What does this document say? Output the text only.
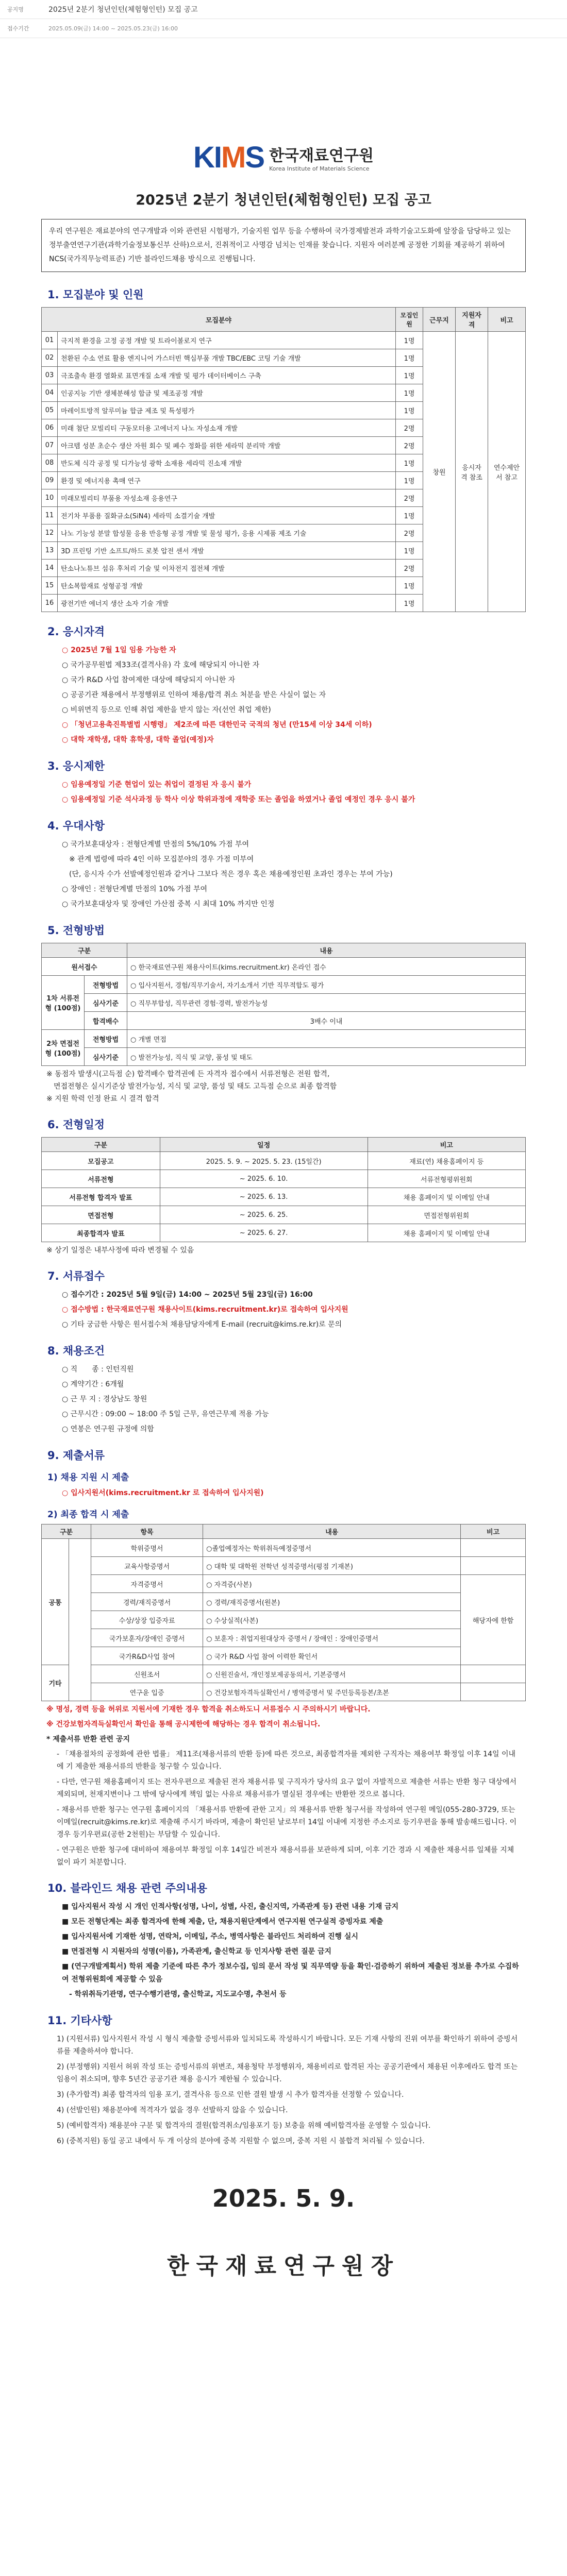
공지명	2025년 2분기 청년인턴(체험형인턴) 모집 공고
접수기간	2025.05.09(금) 14:00 ~ 2025.05.23(금) 16:00
KIMS 한국재료연구원
Korea Institute of Materials Science
2025년 2분기 청년인턴(체험형인턴) 모집 공고
우리 연구원은 재료분야의 연구개발과 이와 관련된 시험평가, 기술지원 업무 등을 수행하여 국가경제발전과 과학기술고도화에 앞장을 담당하고 있는 정부출연연구기관(과학기술정보통신부 산하)으로서, 진취적이고 사명감 넘치는 인재를 찾습니다. 지원자 여러분께 공정한 기회를 제공하기 위하여 NCS(국가직무능력표준) 기반 블라인드채용 방식으로 진행됩니다.
1. 모집분야 및 인원
모집분야		모집인원	근무지	지원자격	비고
01	극지적 환경을 고정 공정 개발 및 트라이볼로지 연구	1명	창원	응시자격 참조	연수제안서 참고
02	천환된 수소 연료 활용 엔지니어 가스터빈 핵심부품 개발 TBC/EBC 코팅 기술 개발	1명			
03	극조출속 환경 열화로 표면개질 소재 개발 및 평가 데이터베이스 구축	1명			
04	인공지능 기반 생체분해성 합금 및 제조공정 개발	1명			
05	마레이트방적 알루미늄 합금 제조 및 특성평가	1명			
06	미래 첨단 모빌리티 구동모터용 고에너지 나노 자성소재 개발	2명			
07	아크템 성분 초순수 생산 자원 회수 및 폐수 정화를 위한 세라믹 분리막 개발	2명			
08	반도체 식각 공정 및 디가능성 광학 소재용 세라믹 진소재 개발	1명			
09	환경 및 에너지용 촉매 연구	1명			
10	미래모빌리티 부품용 자성소재 응용연구	2명			
11	전기차 부품용 질화규소(SiN4) 세라믹 소결기술 개발	1명			
12	나노 기능성 분말 합성물 응용 반응형 공정 개발 및 물성 평가, 응용 시제품 제조 기술	2명			
13	3D 프린팅 기반 소프트/하드 로봇 압전 센서 개발	1명			
14	탄소나노튜브 섬유 후처리 기술 및 이차전지 접전체 개발	2명			
15	탄소복합재료 성형공정 개발	1명			
16	광전기반 에너지 생산 소자 기술 개발	1명			
2. 응시자격
○ 2025년 7월 1일 임용 가능한 자
○ 국가공무원법 제33조(결격사유) 각 호에 해당되지 아니한 자
○ 국가 R&D 사업 참여제한 대상에 해당되지 아니한 자
○ 공공기관 채용에서 부정행위로 인하여 채용/합격 취소 처분을 받은 사실이 없는 자
○ 비위면직 등으로 인해 취업 제한을 받지 않는 자(선언 취업 제한)
○ 「청년고용촉진특별법 시행령」 제2조에 따른 대한민국 국적의 청년 (만15세 이상 34세 이하)
○ 대학 재학생, 대학 휴학생, 대학 졸업(예정)자
3. 응시제한
○ 임용예정일 기준 현업이 있는 취업이 결정된 자 응시 불가
○ 임용예정일 기준 석사과정 등 학사 이상 학위과정에 재학중 또는 졸업을 하였거나 졸업 예정인 경우 응시 불가
4. 우대사항
○ 국가보훈대상자 : 전형단계별 만점의 5%/10% 가점 부여
　※ 관계 법령에 따라 4인 이하 모집분야의 경우 가점 미부여
　(단, 응시자 수가 선발예정인원과 같거나 그보다 적은 경우 혹은 채용예정인원 초과인 경우는 부여 가능)
○ 장애인 : 전형단계별 만점의 10% 가점 부여
○ 국가보훈대상자 및 장애인 가산점 중복 시 최대 10% 까지만 인정
5. 전형방법
구분		내용
원서접수		○ 한국재료연구원 채용사이트(kims.recruitment.kr) 온라인 접수
1차 서류전형 (100점)	전형방법	○ 입사지원서, 경험/직무기술서, 자기소개서 기반 직무적합도 평가
	심사기준	○ 직무부합성, 직무관련 경험·경력, 발전가능성
	합격배수	3배수 이내
2차 면접전형 (100점)	전형방법	○ 개별 면접
	심사기준	○ 발전가능성, 직식 및 교양, 품성 및 태도
※ 동점자 발생시(고득점 순) 합격배수 합격권에 든 자격자 접수에서 서류전형은 전원 합격,
　면접전형은 실시기준상 발전가능성, 지식 및 교양, 품성 및 태도 고득점 순으로 최종 합격함
※ 지원 학력 인정 완료 시 결격 합격
6. 전형일정
구분	일정	비고
모집공고	2025. 5. 9. ~ 2025. 5. 23. (15일간)	재료(연) 채용홈페이지 등
서류전형	~ 2025. 6. 10.	서류전형평위원회
서류전형 합격자 발표	~ 2025. 6. 13.	채용 홈페이지 및 이메일 안내
면접전형	~ 2025. 6. 25.	면접전형위원회
최종합격자 발표	~ 2025. 6. 27.	채용 홈페이지 및 이메일 안내
※ 상기 일정은 내부사정에 따라 변경될 수 있음
7. 서류접수
○ 접수기간 : 2025년 5월 9일(금) 14:00 ~ 2025년 5월 23일(금) 16:00
○ 접수방법 : 한국재료연구원 채용사이트(kims.recruitment.kr)로 접속하여 입사지원
○ 기타 궁금한 사항은 원서접수처 채용담당자에게 E-mail (recruit@kims.re.kr)로 문의
8. 채용조건
○ 직　　종 : 인턴직원
○ 계약기간 : 6개월
○ 근 무 지 : 경상남도 창원
○ 근무시간 : 09:00 ~ 18:00 주 5일 근무, 유연근무제 적용 가능
○ 연봉은 연구원 규정에 의함
9. 제출서류
1) 채용 지원 시 제출
○ 입사지원서(kims.recruitment.kr 로 접속하여 입사지원)
2) 최종 합격 시 제출
구분		항목	내용	비고
공통		학위증명서	○졸업예정자는 학위취득예정증명서	
		교육사항증명서	○ 대학 및 대학원 전학년 성적증명서(평점 기재본)	
		자격증명서	○ 자격증(사본)	해당자에 한함
		경력/재직증명서	○ 경력/재직증명서(원본)	
		수상/상장 입증자료	○ 수상실적(사본)	
		국가보훈자/장애인 증명서	○ 보훈자 : 취업지원대상자 증명서 / 장애인 : 장애인증명서	
		국가R&D사업 참여	○ 국가 R&D 사업 참여 이력한 확인서	
기타		신원조서	○ 신원진술서, 개인정보제공동의서, 기본증명서	
		연구윤 입증	○ 건강보험자격득실확인서 / 병역증명서 및 주민등록등본/초본	
※ 명성, 경력 등을 허위로 지원서에 기재한 경우 합격을 취소하도니 서류접수 시 주의하시기 바랍니다.
※ 건강보험자격득실확인서 확인을 통해 공시제한에 해당하는 경우 합격이 취소됩니다.
* 제출서류 반환 관련 공지
- 「채용절차의 공정화에 관한 법률」 제11조(채용서류의 반환 등)에 따른 것으로, 최종합격자를 제외한 구직자는 채용여부 확정일 이후 14일 이내에 기 제출한 채용서류의 반환을 청구할 수 있습니다.
- 다만, 연구원 채용홈페이지 또는 전자우편으로 제출된 전자 채용서류 및 구직자가 당사의 요구 없이 자발적으로 제출한 서류는 반환 청구 대상에서 제외되며, 천재지변이나 그 밖에 당사에게 책임 없는 사유로 채용서류가 멸실된 경우에는 반환한 것으로 봅니다.
- 채용서류 반환 청구는 연구원 홈페이지의 「채용서류 반환에 관한 고지」의 채용서류 반환 청구서를 작성하여 연구원 메일(055-280-3729, 또는 이메일(recruit@kims.re.kr)로 제출해 주시기 바라며, 제출이 확인된 날로부터 14일 이내에 지정한 주소지로 등기우편을 통해 발송해드립니다. 이 경우 등기우편료(공한 2천원)는 부담할 수 있습니다.
- 연구원은 반환 청구에 대비하여 채용여부 확정일 이후 14일간 비전자 채용서류를 보관하게 되며, 이후 기간 경과 시 제출한 채용서류 일체를 지체 없이 파기 처분합니다.
10. 블라인드 채용 관련 주의내용
■ 입사지원서 작성 시 개인 인적사항(성명, 나이, 성별, 사진, 출신지역, 가족관계 등) 관련 내용 기재 금지
■ 모든 전형단계는 최종 합격자에 한해 제출, 단, 채용지원단계에서 연구지원 연구실적 증빙자료 제출
■ 입사지원서에 기재한 성명, 연락처, 이메일, 주소, 병역사항은 블라인드 처리하여 진행 실시
■ 면접전형 시 지원자의 성명(이름), 가족관계, 출신학교 등 인지사항 관련 질문 금지
■ (연구개발계획서) 학위 제출 기준에 따른 추가 정보수집, 임의 문서 작성 및 직무역량 등을 확인·검증하기 위하여 제출된 정보를 추가로 수집하여 전형위원회에 제공할 수 있음
　- 학위취득기관명, 연구수행기관명, 출신학교, 지도교수명, 추천서 등
11. 기타사항
1) (지원서류) 입사지원서 작성 시 형식 제출할 증빙서류와 일치되도록 작성하시기 바랍니다. 모든 기재 사항의 진위 여부를 확인하기 위하여 증빙서류를 제출하셔야 합니다.
2) (부정행위) 지원서 허위 작성 또는 증빙서류의 위변조, 채용청탁 부정행위자, 채용비리로 합격된 자는 공공기관에서 채용된 이후에라도 합격 또는 임용이 취소되며, 향후 5년간 공공기관 채용 응시가 제한될 수 있습니다.
3) (추가합격) 최종 합격자의 임용 포기, 결격사유 등으로 인한 결원 발생 시 추가 합격자를 선정할 수 있습니다.
4) (선발인원) 채용분야에 적격자가 없을 경우 선발하지 않을 수 있습니다.
5) (예비합격자) 채용분야 구분 및 합격자의 결원(합격취소/임용포기 등) 보충을 위해 예비합격자를 운영할 수 있습니다.
6) (중복지원) 동일 공고 내에서 두 개 이상의 분야에 중복 지원할 수 없으며, 중복 지원 시 불합격 처리될 수 있습니다.
2025. 5. 9.
한국재료연구원장
